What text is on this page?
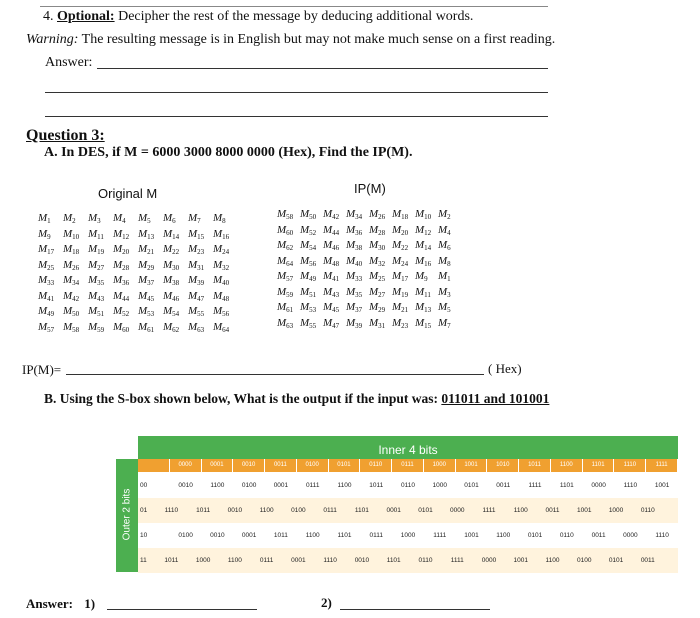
4. Optional: Decipher the rest of the message by deducing additional words.
Warning: The resulting message is in English but may not make much sense on a first reading.
Answer:
Question 3:
A. In DES, if M = 6000 3000 8000 0000 (Hex), Find the IP(M).
Original M	IP(M)
$M_1$	$M_2$	$M_3$	$M_4$	$M_5$	$M_6$	$M_7$	$M_8$
$M_9$	$M_{10}$ $M_{11}$ $M_{12}$ $M_{13}$ $M_{14}$ $M_{15}$ $M_{16}$
$M_{17}$ $M_{18}$ $M_{19}$ $M_{20}$ $M_{21}$ $M_{22}$ $M_{23}$ $M_{24}$
$M_{25}$ $M_{26}$ $M_{27}$ $M_{28}$ $M_{29}$ $M_{30}$ $M_{31}$ $M_{32}$
$M_{33}$ $M_{34}$ $M_{35}$ $M_{36}$ $M_{37}$ $M_{38}$ $M_{39}$ $M_{40}$
$M_{41}$ $M_{42}$ $M_{43}$ $M_{44}$ $M_{45}$ $M_{46}$ $M_{47}$ $M_{48}$
$M_{49}$ $M_{50}$ $M_{51}$ $M_{52}$ $M_{53}$ $M_{54}$ $M_{55}$ $M_{56}$
$M_{57}$ $M_{58}$ $M_{59}$ $M_{60}$ $M_{61}$ $M_{62}$ $M_{63}$ $M_{64}$
$M_{58}$ $M_{50}$ $M_{42}$ $M_{34}$ $M_{26}$ $M_{18}$ $M_{10}$ $M_2$
$M_{60}$ $M_{52}$ $M_{44}$ $M_{36}$ $M_{28}$ $M_{20}$ $M_{12}$ $M_4$
$M_{62}$ $M_{54}$ $M_{46}$ $M_{38}$ $M_{30}$ $M_{22}$ $M_{14}$ $M_6$
$M_{64}$ $M_{56}$ $M_{48}$ $M_{40}$ $M_{32}$ $M_{24}$ $M_{16}$ $M_8$
$M_{57}$ $M_{49}$ $M_{41}$ $M_{33}$ $M_{25}$ $M_{17}$ $M_9$ $M_1$
$M_{59}$ $M_{51}$ $M_{43}$ $M_{35}$ $M_{27}$ $M_{19}$ $M_{11}$ $M_3$
$M_{61}$ $M_{53}$ $M_{45}$ $M_{37}$ $M_{29}$ $M_{21}$ $M_{13}$ $M_5$
$M_{63}$ $M_{55}$ $M_{47}$ $M_{39}$ $M_{31}$ $M_{23}$ $M_{15}$ $M_7$
IP(M)=	( Hex)
B. Using the S-box shown below, What is the output if the input was: 011011 and 101001
Inner 4 bits
Outer 2 bits
0000	0001	0010	0011	0100	0101	0110	0111	1000	1001	1010	1011	1100	1101	1110	1111
00	0010	1100	0100	0001	0111	1100	1011	0110	1000	0101	0011	1111	1101	0000	1110	1001
01	1110	1011	0010	1100	0100	0111	1101	0001	0101	0000	1111	1100	0011	1001	1000	0110
10	0100	0010	0001	1011	1100	1101	0111	1000	1111	1001	1100	0101	0110	0011	0000	1110
11	1011	1000	1100	0111	0001	1110	0010	1101	0110	1111	0000	1001	1100	0100	0101	0011
Answer: 1)	2)
